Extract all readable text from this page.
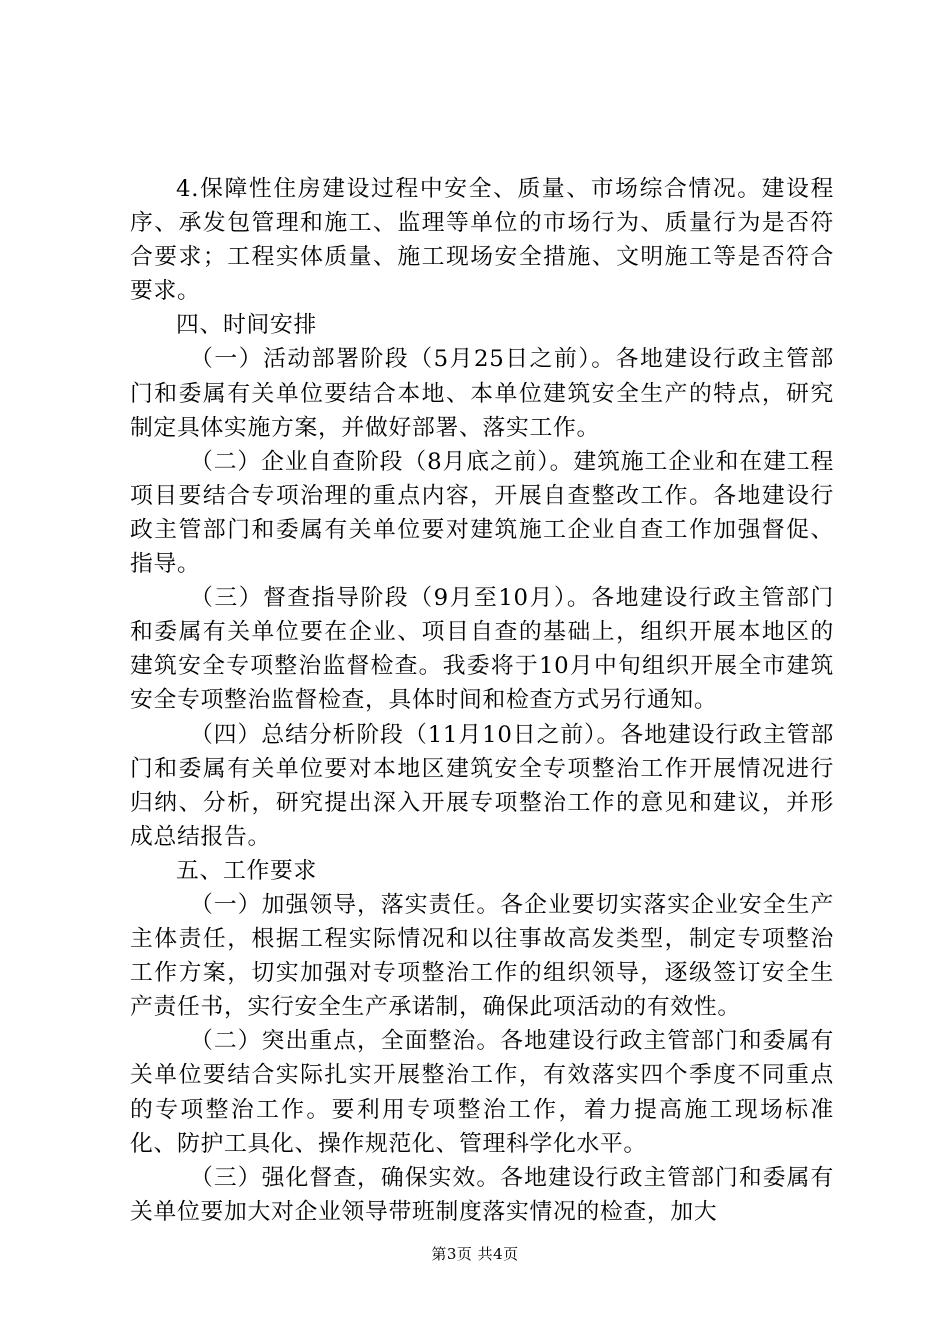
4.保障性住房建设过程中安全、质量、市场综合情况。建设程序、承发包管理和施工、监理等单位的市场行为、质量行为是否符合要求；工程实体质量、施工现场安全措施、文明施工等是否符合要求。

四、时间安排

（一）活动部署阶段（5月25日之前）。各地建设行政主管部门和委属有关单位要结合本地、本单位建筑安全生产的特点，研究制定具体实施方案，并做好部署、落实工作。

（二）企业自查阶段（8月底之前）。建筑施工企业和在建工程项目要结合专项治理的重点内容，开展自查整改工作。各地建设行政主管部门和委属有关单位要对建筑施工企业自查工作加强督促、指导。

（三）督查指导阶段（9月至10月）。各地建设行政主管部门和委属有关单位要在企业、项目自查的基础上，组织开展本地区的建筑安全专项整治监督检查。我委将于10月中旬组织开展全市建筑安全专项整治监督检查，具体时间和检查方式另行通知。

（四）总结分析阶段（11月10日之前）。各地建设行政主管部门和委属有关单位要对本地区建筑安全专项整治工作开展情况进行归纳、分析，研究提出深入开展专项整治工作的意见和建议，并形成总结报告。

五、工作要求

（一）加强领导，落实责任。各企业要切实落实企业安全生产主体责任，根据工程实际情况和以往事故高发类型，制定专项整治工作方案，切实加强对专项整治工作的组织领导，逐级签订安全生产责任书，实行安全生产承诺制，确保此项活动的有效性。

（二）突出重点，全面整治。各地建设行政主管部门和委属有关单位要结合实际扎实开展整治工作，有效落实四个季度不同重点的专项整治工作。要利用专项整治工作，着力提高施工现场标准化、防护工具化、操作规范化、管理科学化水平。

（三）强化督查，确保实效。各地建设行政主管部门和委属有关单位要加大对企业领导带班制度落实情况的检查，加大

第3页 共4页
